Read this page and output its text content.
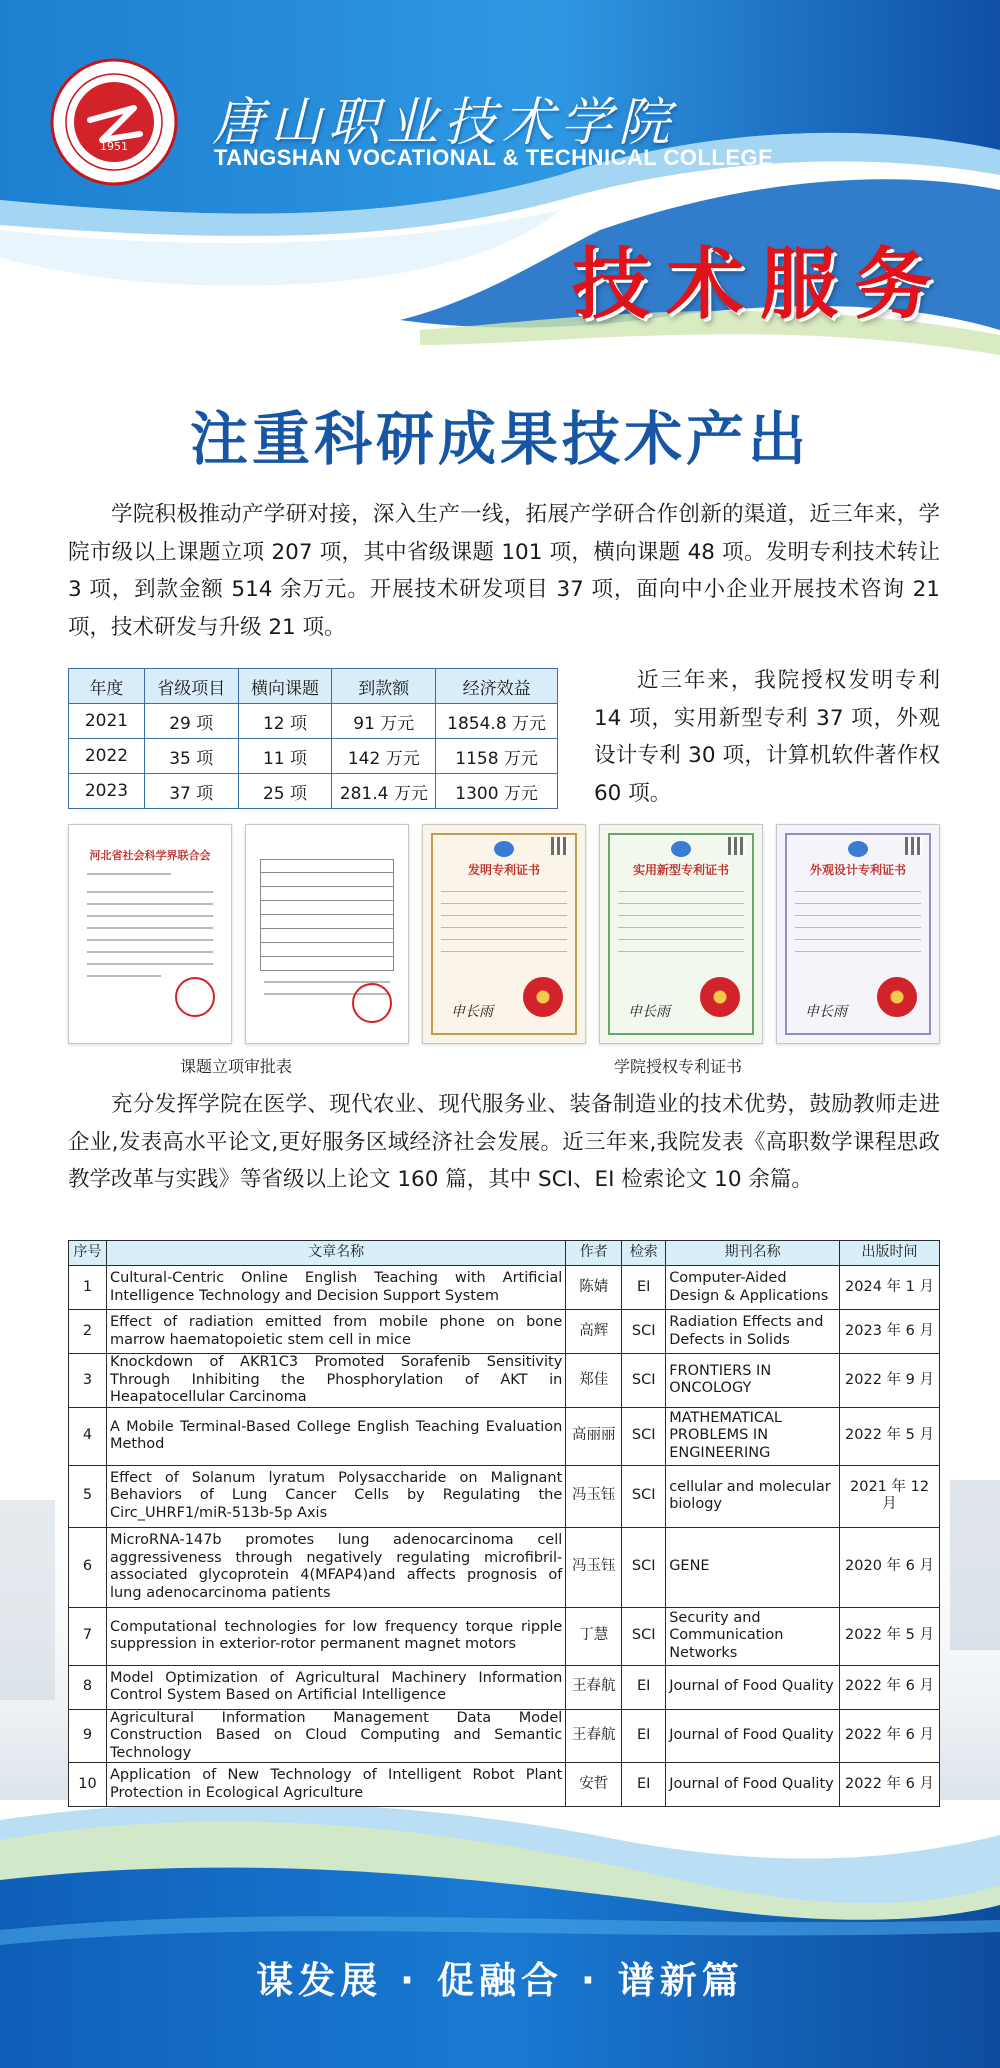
1951 唐山职业技术学院
TANGSHAN VOCATIONAL & TECHNICAL COLLEGE
技术服务
注重科研成果技术产出

学院积极推动产学研对接，深入生产一线，拓展产学研合作创新的渠道，近三年来，学院市级以上课题立项 207 项，其中省级课题 101 项，横向课题 48 项。发明专利技术转让 3 项，到款金额 514 余万元。开展技术研发项目 37 项，面向中小企业开展技术咨询 21 项，技术研发与升级 21 项。

年度	省级项目	横向课题	到款额	经济效益
2021	29 项	12 项	91 万元	1854.8 万元
2022	35 项	11 项	142 万元	1158 万元
2023	37 项	25 项	281.4 万元	1300 万元

近三年来，我院授权发明专利 14 项，实用新型专利 37 项，外观设计专利 30 项，计算机软件著作权 60 项。

河北省社会科学界联合会
发明专利证书
申长雨
实用新型专利证书
申长雨
外观设计专利证书
申长雨
课题立项审批表	学院授权专利证书

充分发挥学院在医学、现代农业、现代服务业、装备制造业的技术优势，鼓励教师走进企业,发表高水平论文,更好服务区域经济社会发展。近三年来,我院发表《高职数学课程思政教学改革与实践》等省级以上论文 160 篇，其中 SCI、EI 检索论文 10 余篇。

序号	文章名称	作者	检索	期刊名称	出版时间
1	Cultural-Centric Online English Teaching with Artificial Intelligence Technology and Decision Support System	陈婧	EI	Computer-Aided Design & Applications	2024 年 1 月
2	Effect of radiation emitted from mobile phone on bone marrow haematopoietic stem cell in mice	高辉	SCI	Radiation Effects and Defects in Solids	2023 年 6 月
3	Knockdown of AKR1C3 Promoted Sorafenib Sensitivity Through Inhibiting the Phosphorylation of AKT in Heapatocellular Carcinoma	郑佳	SCI	FRONTIERS IN ONCOLOGY	2022 年 9 月
4	A Mobile Terminal-Based College English Teaching Evaluation Method	高丽丽	SCI	MATHEMATICAL PROBLEMS IN ENGINEERING	2022 年 5 月
5	Effect of Solanum lyratum Polysaccharide on Malignant Behaviors of Lung Cancer Cells by Regulating the Circ_UHRF1/miR-513b-5p Axis	冯玉钰	SCI	cellular and molecular biology	2021 年 12 月
6	MicroRNA-147b promotes lung adenocarcinoma cell aggressiveness through negatively regulating microfibril-associated glycoprotein 4(MFAP4)and affects prognosis of lung adenocarcinoma patients	冯玉钰	SCI	GENE	2020 年 6 月
7	Computational technologies for low frequency torque ripple suppression in exterior-rotor permanent magnet motors	丁慧	SCI	Security and Communication Networks	2022 年 5 月
8	Model Optimization of Agricultural Machinery Information Control System Based on Artificial Intelligence	王春航	EI	Journal of Food Quality	2022 年 6 月
9	Agricultural Information Management Data Model Construction Based on Cloud Computing and Semantic Technology	王春航	EI	Journal of Food Quality	2022 年 6 月
10	Application of New Technology of Intelligent Robot Plant Protection in Ecological Agriculture	安哲	EI	Journal of Food Quality	2022 年 6 月
谋发展 · 促融合 · 谱新篇
